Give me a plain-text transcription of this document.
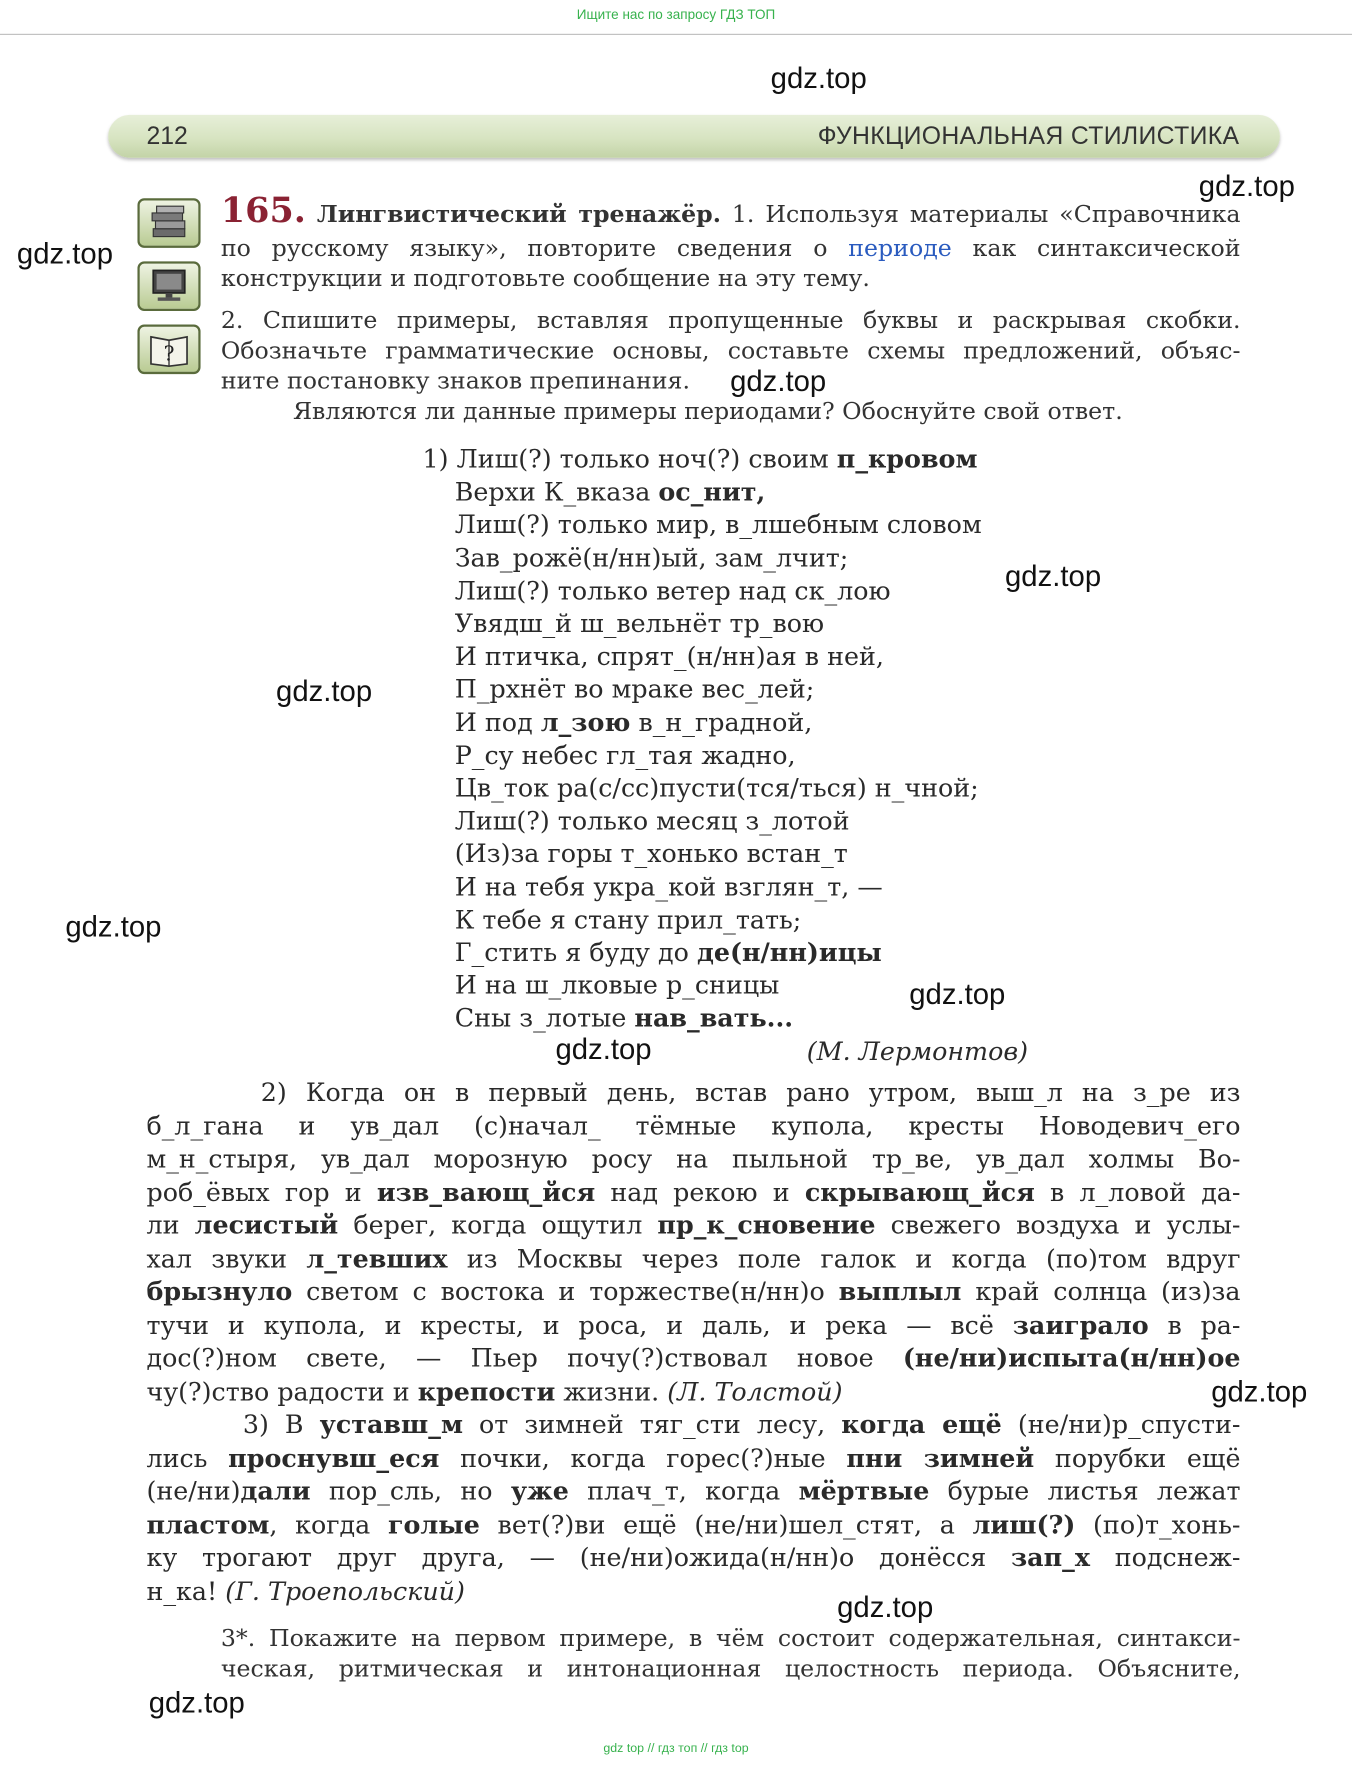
Ищите нас по запросу ГДЗ ТОП
gdz.top
gdz.top
gdz.top
gdz.top
gdz.top
gdz.top
gdz.top
gdz.top
gdz.top
gdz.top
gdz.top
gdz.top
212	ФУНКЦИОНАЛЬНАЯ СТИЛИСТИКА
?
165. Лингвистический тренажёр. 1. Используя материалы «Справочника
по русскому языку», повторите сведения о периоде как синтаксической
конструкции и подготовьте сообщение на эту тему.
2. Спишите примеры, вставляя пропущенные буквы и раскрывая скобки.
Обозначьте грамматические основы, составьте схемы предложений, объяс-
ните постановку знаков препинания.
Являются ли данные примеры периодами? Обоснуйте свой ответ.
1) Лиш(?) только ноч(?) своим п_кровом
Верхи К_вказа ос_нит,
Лиш(?) только мир, в_лшебным словом
Зав_рожё(н/нн)ый, зам_лчит;
Лиш(?) только ветер над ск_лою
Увядш_й ш_вельнёт тр_вою
И птичка, спрят_(н/нн)ая в ней,
П_рхнёт во мраке вес_лей;
И под л_зою в_н_градной,
Р_су небес гл_тая жадно,
Цв_ток ра(с/сс)пусти(тся/ться) н_чной;
Лиш(?) только месяц з_лотой
(Из)за горы т_хонько встан_т
И на тебя укра_кой взглян_т, —
К тебе я стану прил_тать;
Г_стить я буду до де(н/нн)ицы
И на ш_лковые р_сницы
Сны з_лотые нав_вать...
(М. Лермонтов)
2) Когда он в первый день, встав рано утром, выш_л на з_ре из
б_л_гана и ув_дал (с)начал_ тёмные купола, кресты Новодевич_его
м_н_стыря, ув_дал морозную росу на пыльной тр_ве, ув_дал холмы Во-
роб_ёвых гор и изв_вающ_йся над рекою и скрывающ_йся в л_ловой да-
ли лесистый берег, когда ощутил пр_к_сновение свежего воздуха и услы-
хал звуки л_тевших из Москвы через поле галок и когда (по)том вдруг
брызнуло светом с востока и торжестве(н/нн)о выплыл край солнца (из)за
тучи и купола, и кресты, и роса, и даль, и река — всё заиграло в ра-
дос(?)ном свете, — Пьер почу(?)ствовал новое (не/ни)испыта(н/нн)ое
чу(?)ство радости и крепости жизни. (Л. Толстой)
3) В уставш_м от зимней тяг_сти лесу, когда ещё (не/ни)р_спусти-
лись проснувш_еся почки, когда горес(?)ные пни зимней порубки ещё
(не/ни)дали пор_сль, но уже плач_т, когда мёртвые бурые листья лежат
пластом, когда голые вет(?)ви ещё (не/ни)шел_стят, а лиш(?) (по)т_хонь-
ку трогают друг друга, — (не/ни)ожида(н/нн)о донёсся зап_х подснеж-
н_ка! (Г. Троепольский)
3*. Покажите на первом примере, в чём состоит содержательная, синтакси-
ческая, ритмическая и интонационная целостность периода. Объясните,
gdz top // гдз топ // гдз top
